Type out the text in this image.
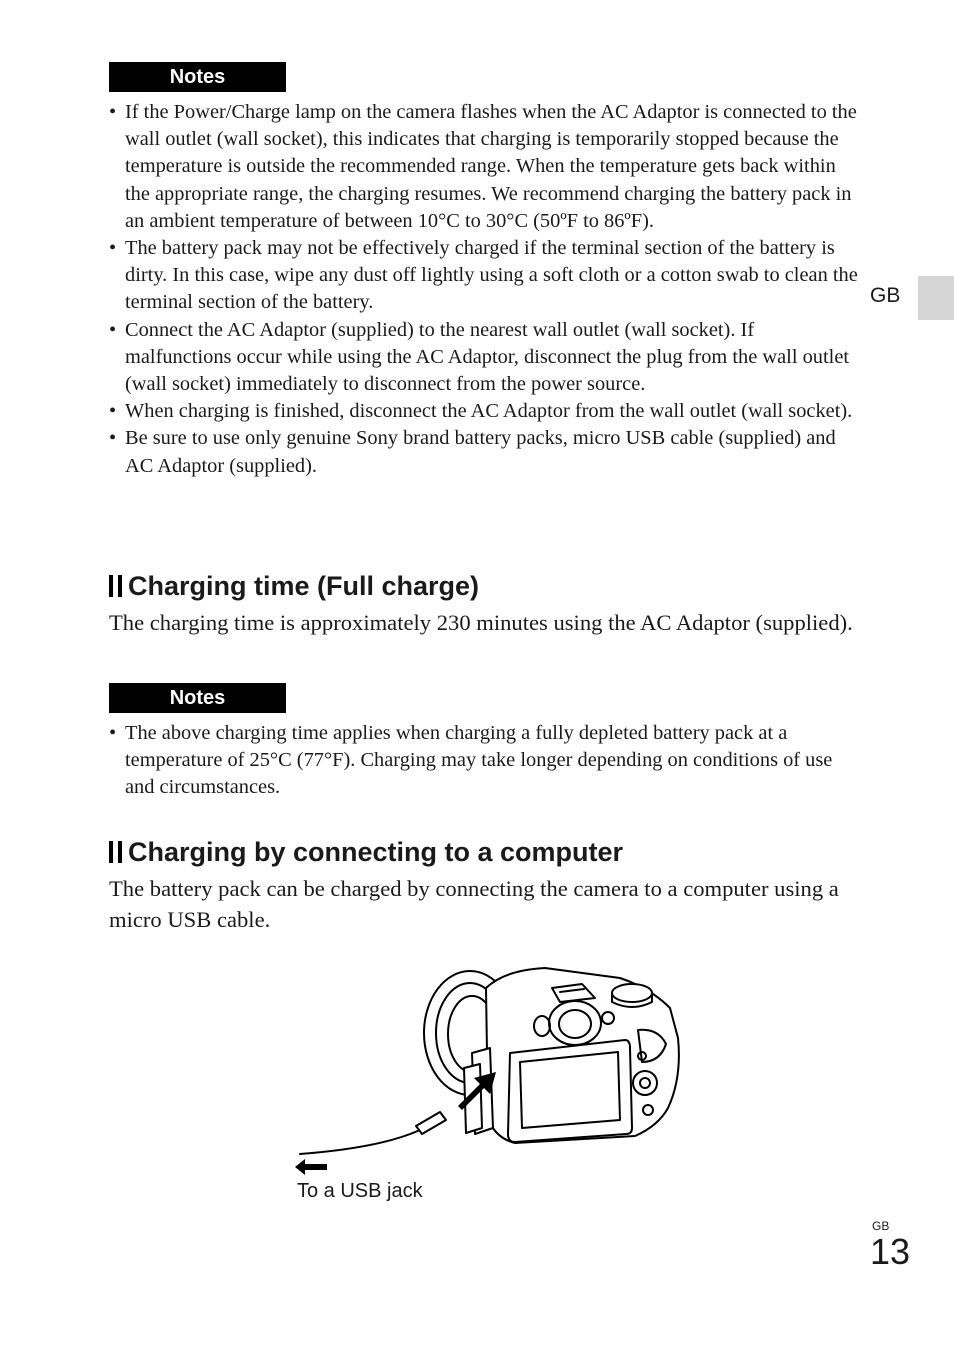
Notes
• If the Power/Charge lamp on the camera flashes when the AC Adaptor is connected to the wall outlet (wall socket), this indicates that charging is temporarily stopped because the temperature is outside the recommended range. When the temperature gets back within the appropriate range, the charging resumes. We recommend charging the battery pack in an ambient temperature of between 10°C to 30°C (50ºF to 86ºF).
• The battery pack may not be effectively charged if the terminal section of the battery is dirty. In this case, wipe any dust off lightly using a soft cloth or a cotton swab to clean the terminal section of the battery.
• Connect the AC Adaptor (supplied) to the nearest wall outlet (wall socket). If malfunctions occur while using the AC Adaptor, disconnect the plug from the wall outlet (wall socket) immediately to disconnect from the power source.
• When charging is finished, disconnect the AC Adaptor from the wall outlet (wall socket).
• Be sure to use only genuine Sony brand battery packs, micro USB cable (supplied) and AC Adaptor (supplied).
GB
Charging time (Full charge)

The charging time is approximately 230 minutes using the AC Adaptor (supplied).

Notes
• The above charging time applies when charging a fully depleted battery pack at a temperature of 25°C (77°F). Charging may take longer depending on conditions of use and circumstances.
Charging by connecting to a computer

The battery pack can be charged by connecting the camera to a computer using a micro USB cable.

To a USB jack
GB
13
